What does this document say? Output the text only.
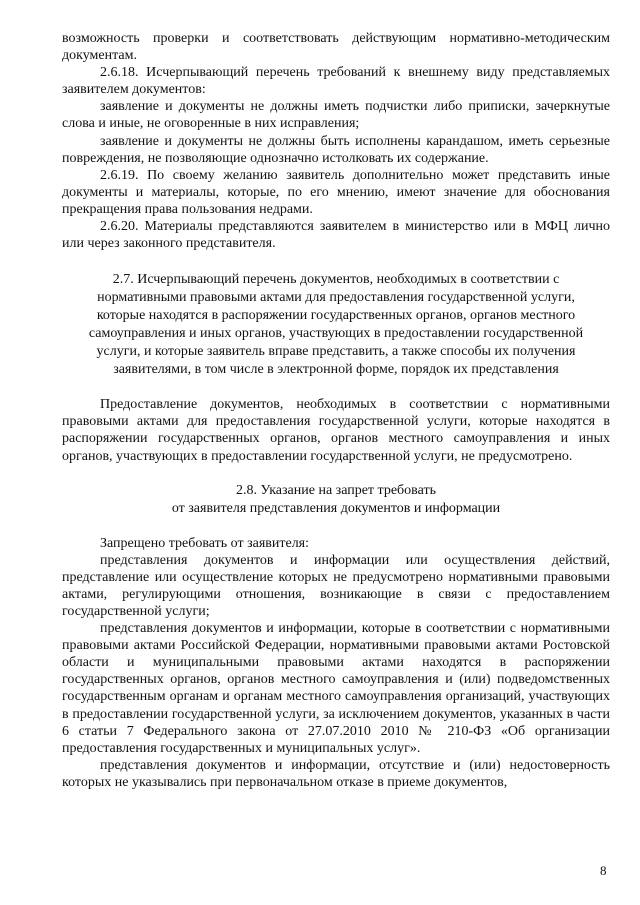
возможность проверки и соответствовать действующим нормативно-методическим документам.

2.6.18. Исчерпывающий перечень требований к внешнему виду представляемых заявителем документов:

заявление и документы не должны иметь подчистки либо приписки, зачеркнутые слова и иные, не оговоренные в них исправления;

заявление и документы не должны быть исполнены карандашом, иметь серьезные повреждения, не позволяющие однозначно истолковать их содержание.

2.6.19. По своему желанию заявитель дополнительно может представить иные документы и материалы, которые, по его мнению, имеют значение для обоснования прекращения права пользования недрами.

2.6.20. Материалы представляются заявителем в министерство или в МФЦ лично или через законного представителя.

2.7. Исчерпывающий перечень документов, необходимых в соответствии с
нормативными правовыми актами для предоставления государственной услуги,
которые находятся в распоряжении государственных органов, органов местного
самоуправления и иных органов, участвующих в предоставлении государственной
услуги, и которые заявитель вправе представить, а также способы их получения
заявителями, в том числе в электронной форме, порядок их представления

Предоставление документов, необходимых в соответствии с нормативными правовыми актами для предоставления государственной услуги, которые находятся в распоряжении государственных органов, органов местного самоуправления и иных органов, участвующих в предоставлении государственной услуги, не предусмотрено.

2.8. Указание на запрет требовать
от заявителя представления документов и информации

Запрещено требовать от заявителя:

представления документов и информации или осуществления действий, представление или осуществление которых не предусмотрено нормативными правовыми актами, регулирующими отношения, возникающие в связи с предоставлением государственной услуги;

представления документов и информации, которые в соответствии с нормативными правовыми актами Российской Федерации, нормативными правовыми актами Ростовской области и муниципальными правовыми актами находятся в распоряжении государственных органов, органов местного самоуправления и (или) подведомственных государственным органам и органам местного самоуправления организаций, участвующих в предоставлении государственной услуги, за исключением документов, указанных в части 6 статьи 7 Федерального закона от 27.07.2010 2010 № 210-ФЗ «Об организации предоставления государственных и муниципальных услуг».

представления документов и информации, отсутствие и (или) недостоверность которых не указывались при первоначальном отказе в приеме документов,

8
